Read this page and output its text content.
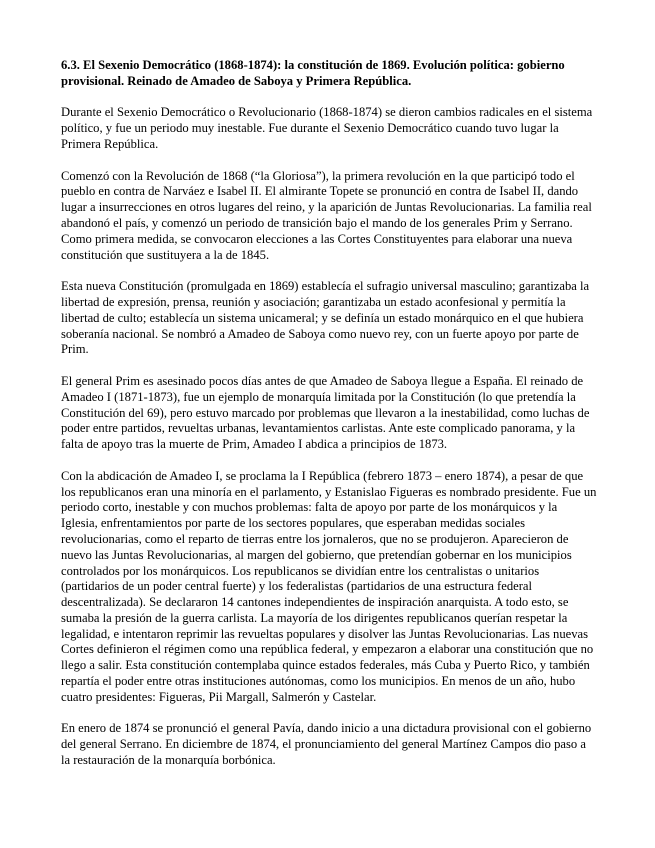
6.3. El Sexenio Democrático (1868-1874): la constitución de 1869. Evolución política: gobierno provisional. Reinado de Amadeo de Saboya y Primera República.

Durante el Sexenio Democrático o Revolucionario (1868-1874) se dieron cambios radicales en el sistema político, y fue un periodo muy inestable. Fue durante el Sexenio Democrático cuando tuvo lugar la Primera República.

Comenzó con la Revolución de 1868 (“la Gloriosa”), la primera revolución en la que participó todo el pueblo en contra de Narváez e Isabel II. El almirante Topete se pronunció en contra de Isabel II, dando lugar a insurrecciones en otros lugares del reino, y la aparición de Juntas Revolucionarias. La familia real abandonó el país, y comenzó un periodo de transición bajo el mando de los generales Prim y Serrano. Como primera medida, se convocaron elecciones a las Cortes Constituyentes para elaborar una nueva constitución que sustituyera a la de 1845.

Esta nueva Constitución (promulgada en 1869) establecía el sufragio universal masculino; garantizaba la libertad de expresión, prensa, reunión y asociación; garantizaba un estado aconfesional y permitía la libertad de culto; establecía un sistema unicameral; y se definía un estado monárquico en el que hubiera soberanía nacional. Se nombró a Amadeo de Saboya como nuevo rey, con un fuerte apoyo por parte de Prim.

El general Prim es asesinado pocos días antes de que Amadeo de Saboya llegue a España. El reinado de Amadeo I (1871-1873), fue un ejemplo de monarquía limitada por la Constitución (lo que pretendía la Constitución del 69), pero estuvo marcado por problemas que llevaron a la inestabilidad, como luchas de poder entre partidos, revueltas urbanas, levantamientos carlistas. Ante este complicado panorama, y la falta de apoyo tras la muerte de Prim, Amadeo I abdica a principios de 1873.

Con la abdicación de Amadeo I, se proclama la I República (febrero 1873 – enero 1874), a pesar de que los republicanos eran una minoría en el parlamento, y Estanislao Figueras es nombrado presidente. Fue un periodo corto, inestable y con muchos problemas: falta de apoyo por parte de los monárquicos y la Iglesia, enfrentamientos por parte de los sectores populares, que esperaban medidas sociales revolucionarias, como el reparto de tierras entre los jornaleros, que no se produjeron. Aparecieron de nuevo las Juntas Revolucionarias, al margen del gobierno, que pretendían gobernar en los municipios controlados por los monárquicos. Los republicanos se dividían entre los centralistas o unitarios (partidarios de un poder central fuerte) y los federalistas (partidarios de una estructura federal descentralizada). Se declararon 14 cantones independientes de inspiración anarquista. A todo esto, se sumaba la presión de la guerra carlista. La mayoría de los dirigentes republicanos querían respetar la legalidad, e intentaron reprimir las revueltas populares y disolver las Juntas Revolucionarias. Las nuevas Cortes definieron el régimen como una república federal, y empezaron a elaborar una constitución que no llego a salir. Esta constitución contemplaba quince estados federales, más Cuba y Puerto Rico, y también repartía el poder entre otras instituciones autónomas, como los municipios. En menos de un año, hubo cuatro presidentes: Figueras, Pii Margall, Salmerón y Castelar.

En enero de 1874 se pronunció el general Pavía, dando inicio a una dictadura provisional con el gobierno del general Serrano. En diciembre de 1874, el pronunciamiento del general Martínez Campos dio paso a la restauración de la monarquía borbónica.
